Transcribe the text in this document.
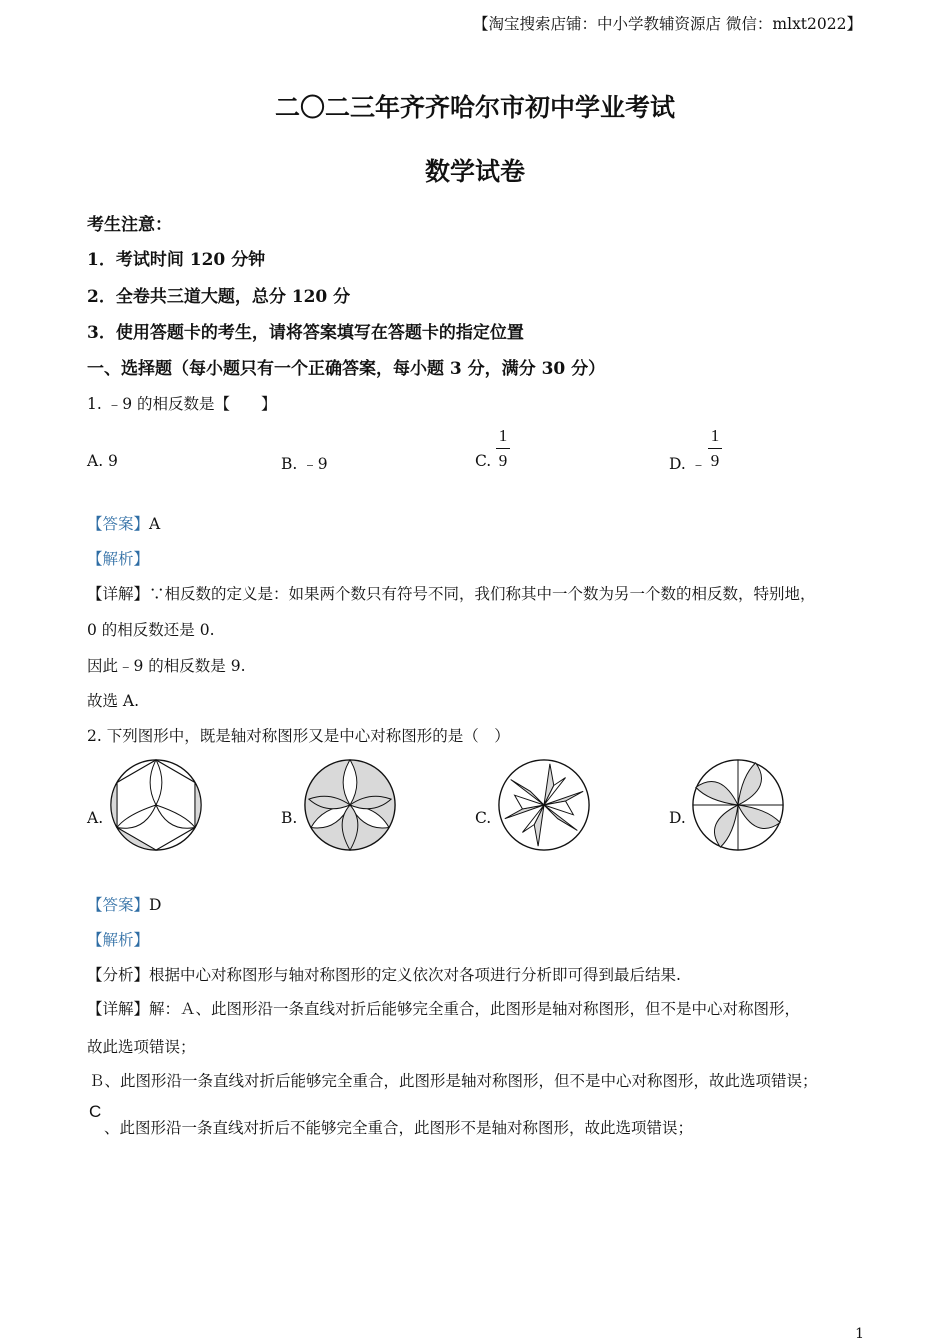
【淘宝搜索店铺：中小学教辅资源店 微信：mlxt2022】
二〇二三年齐齐哈尔市初中学业考试
数学试卷
考生注意：
1．考试时间 120 分钟
2．全卷共三道大题，总分 120 分
3．使用答题卡的考生，请将答案填写在答题卡的指定位置
一、选择题（每小题只有一个正确答案，每小题 3 分，满分 30 分）
1. ﹣9 的相反数是【　　】
A. 9	B. ﹣9	C.
1
9	D. ﹣
1
9
【答案】A
【解析】
【详解】∵相反数的定义是：如果两个数只有符号不同，我们称其中一个数为另一个数的相反数，特别地，
0 的相反数还是 0.
因此﹣9 的相反数是 9.
故选 A.
2. 下列图形中，既是轴对称图形又是中心对称图形的是（　）
A.	B.	C.	D.
【答案】D
【解析】
【分析】根据中心对称图形与轴对称图形的定义依次对各项进行分析即可得到最后结果.
【详解】解：Ａ、此图形沿一条直线对折后能够完全重合，此图形是轴对称图形，但不是中心对称图形，
故此选项错误；
Ｂ、此图形沿一条直线对折后能够完全重合，此图形是轴对称图形，但不是中心对称图形，故此选项错误；
C
、此图形沿一条直线对折后不能够完全重合，此图形不是轴对称图形，故此选项错误；
1
